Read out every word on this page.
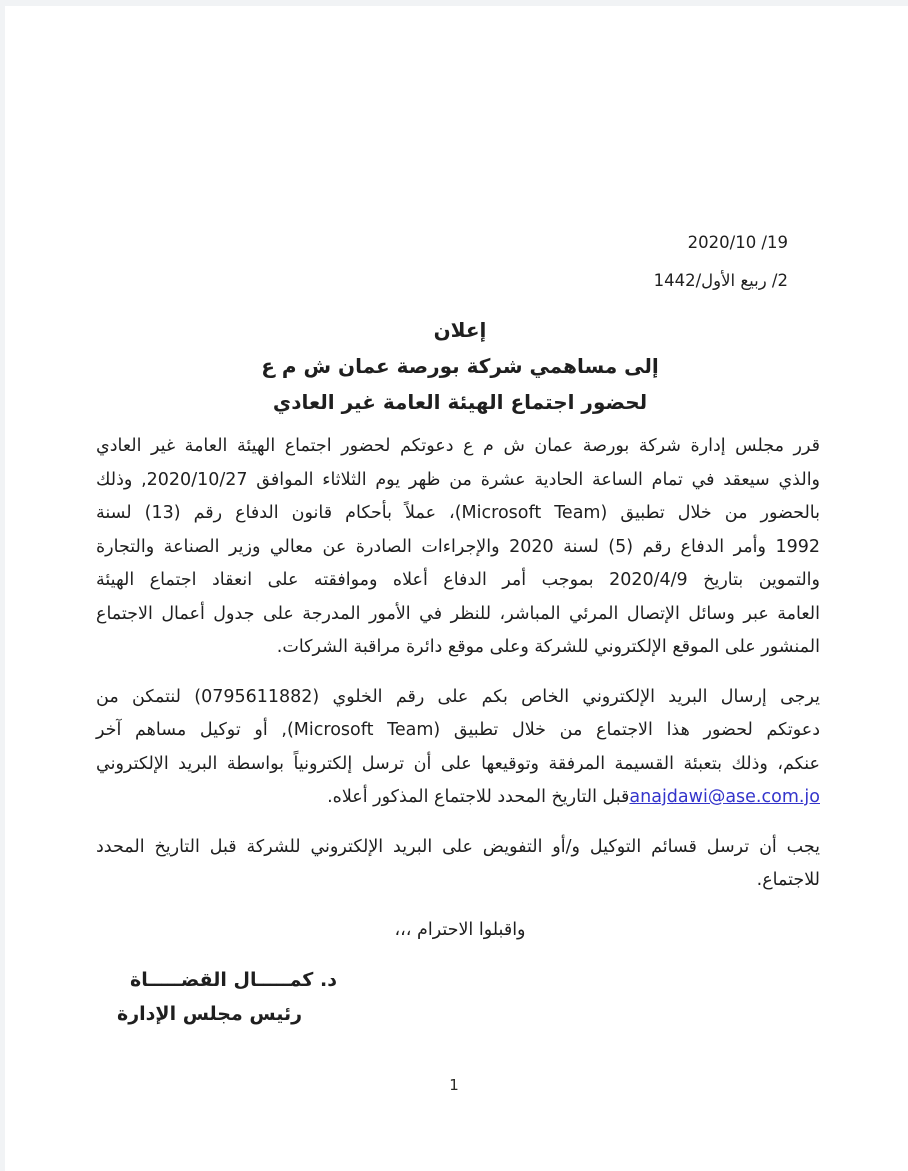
2020/10 /19
2/ ربيع الأول/1442
إعلان
إلى مساهمي شركة بورصة عمان ش م ع
لحضور اجتماع الهيئة العامة غير العادي
قرر مجلس إدارة شركة بورصة عمان ش م ع دعوتكم لحضور اجتماع الهيئة العامة غير العادي
والذي سيعقد في تمام الساعة الحادية عشرة من ظهر يوم الثلاثاء الموافق 2020/10/27, وذلك
بالحضور من خلال تطبيق (Microsoft Team)، عملاً بأحكام قانون الدفاع رقم (13) لسنة
1992 وأمر الدفاع رقم (5) لسنة 2020 والإجراءات الصادرة عن معالي وزير الصناعة والتجارة
والتموين بتاريخ 2020/4/9 بموجب أمر الدفاع أعلاه وموافقته على انعقاد اجتماع الهيئة
العامة عبر وسائل الإتصال المرئي المباشر، للنظر في الأمور المدرجة على جدول أعمال الاجتماع
المنشور على الموقع الإلكتروني للشركة وعلى موقع دائرة مراقبة الشركات.
يرجى إرسال البريد الإلكتروني الخاص بكم على رقم الخلوي (0795611882) لنتمكن من
دعوتكم لحضور هذا الاجتماع من خلال تطبيق (Microsoft Team), أو توكيل مساهم آخر
عنكم، وذلك بتعبئة القسيمة المرفقة وتوقيعها على أن ترسل إلكترونياً بواسطة البريد الإلكتروني
anajdawi@ase.com.joقبل التاريخ المحدد للاجتماع المذكور أعلاه.
يجب أن ترسل قسائم التوكيل و/أو التفويض على البريد الإلكتروني للشركة قبل التاريخ المحدد
للاجتماع.
واقبلوا الاحترام ،،،
د. كمـــــال القضـــــاة
رئيس مجلس الإدارة
1
